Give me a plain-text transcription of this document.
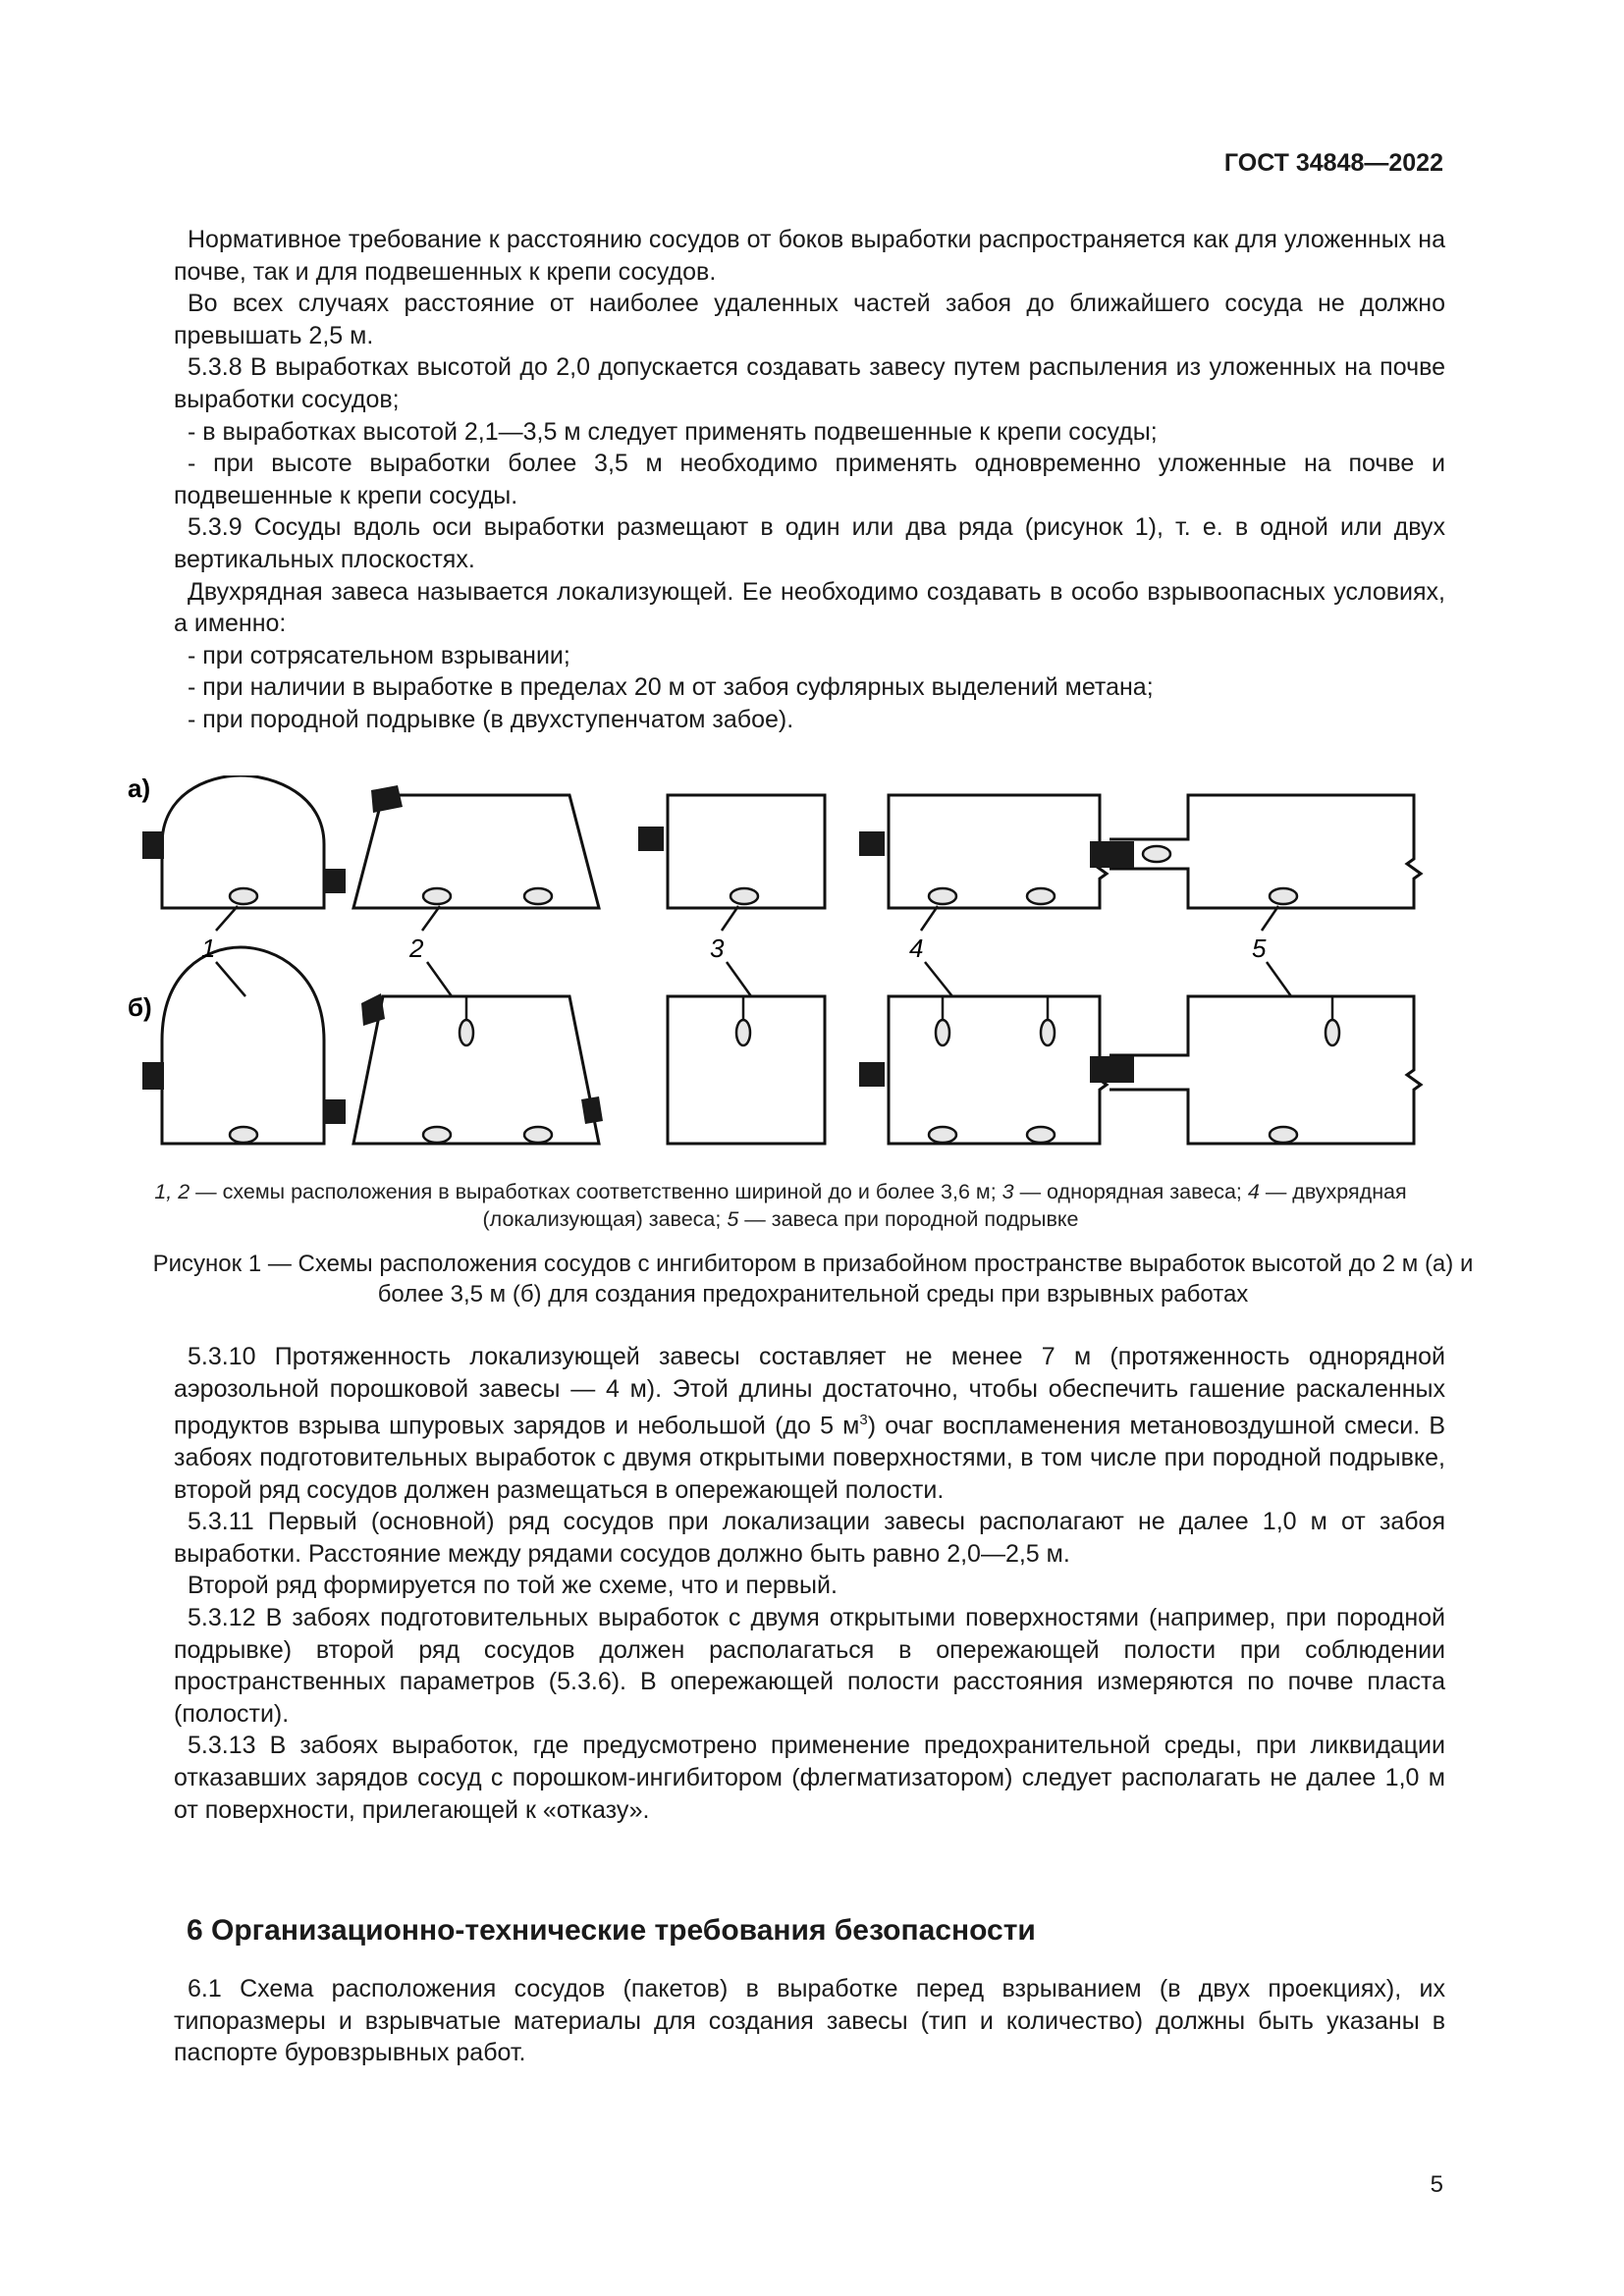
ГОСТ 34848—2022

Нормативное требование к расстоянию сосудов от боков выработки распространяется как для уложенных на почве, так и для подвешенных к крепи сосудов.

Во всех случаях расстояние от наиболее удаленных частей забоя до ближайшего сосуда не должно превышать 2,5 м.

5.3.8 В выработках высотой до 2,0 допускается создавать завесу путем распыления из уложенных на почве выработки сосудов;

- в выработках высотой 2,1—3,5 м следует применять подвешенные к крепи сосуды;

- при высоте выработки более 3,5 м необходимо применять одновременно уложенные на почве и подвешенные к крепи сосуды.

5.3.9 Сосуды вдоль оси выработки размещают в один или два ряда (рисунок 1), т. е. в одной или двух вертикальных плоскостях.

Двухрядная завеса называется локализующей. Ее необходимо создавать в особо взрывоопасных условиях, а именно:

- при сотрясательном взрывании;

- при наличии в выработке в пределах 20 м от забоя суфлярных выделений метана;

- при породной подрывке (в двухступенчатом забое).

а)
б)
1	2	3	4	5
1, 2 — схемы расположения в выработках соответственно шириной до и более 3,6 м; 3 — однорядная завеса; 4 — двухрядная (локализующая) завеса; 5 — завеса при породной подрывке
Рисунок 1 — Схемы расположения сосудов с ингибитором в призабойном пространстве выработок высотой до 2 м (а) и более 3,5 м (б) для создания предохранительной среды при взрывных работах

5.3.10 Протяженность локализующей завесы составляет не менее 7 м (протяженность однорядной аэрозольной порошковой завесы — 4 м). Этой длины достаточно, чтобы обеспечить гашение раскаленных продуктов взрыва шпуровых зарядов и небольшой (до 5 $м^3$) очаг воспламенения метановоздушной смеси. В забоях подготовительных выработок с двумя открытыми поверхностями, в том числе при породной подрывке, второй ряд сосудов должен размещаться в опережающей полости.

5.3.11 Первый (основной) ряд сосудов при локализации завесы располагают не далее 1,0 м от забоя выработки. Расстояние между рядами сосудов должно быть равно 2,0—2,5 м.

Второй ряд формируется по той же схеме, что и первый.

5.3.12 В забоях подготовительных выработок с двумя открытыми поверхностями (например, при породной подрывке) второй ряд сосудов должен располагаться в опережающей полости при соблюдении пространственных параметров (5.3.6). В опережающей полости расстояния измеряются по почве пласта (полости).

5.3.13 В забоях выработок, где предусмотрено применение предохранительной среды, при ликвидации отказавших зарядов сосуд с порошком-ингибитором (флегматизатором) следует располагать не далее 1,0 м от поверхности, прилегающей к «отказу».

6 Организационно-технические требования безопасности

6.1 Схема расположения сосудов (пакетов) в выработке перед взрыванием (в двух проекциях), их типоразмеры и взрывчатые материалы для создания завесы (тип и количество) должны быть указаны в паспорте буровзрывных работ.

5
